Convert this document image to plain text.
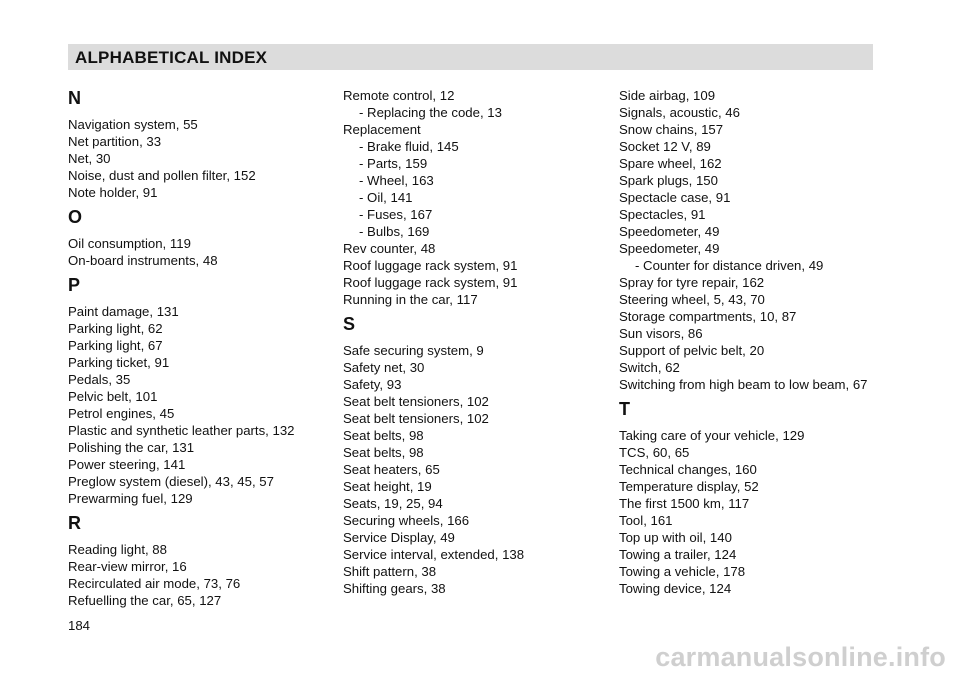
ALPHABETICAL INDEX
N
Navigation system, 55
Net partition, 33
Net, 30
Noise, dust and pollen filter, 152
Note holder, 91
O
Oil consumption, 119
On-board instruments, 48
P
Paint damage, 131
Parking light, 62
Parking light, 67
Parking ticket, 91
Pedals, 35
Pelvic belt, 101
Petrol engines, 45
Plastic and synthetic leather parts, 132
Polishing the car, 131
Power steering, 141
Preglow system (diesel), 43, 45, 57
Prewarming fuel, 129
R
Reading light, 88
Rear-view mirror, 16
Recirculated air mode, 73, 76
Refuelling the car, 65, 127
Remote control, 12
- Replacing the code, 13
Replacement
- Brake fluid, 145
- Parts, 159
- Wheel, 163
- Oil, 141
- Fuses, 167
- Bulbs, 169
Rev counter, 48
Roof luggage rack system, 91
Roof luggage rack system, 91
Running in the car, 117
S
Safe securing system, 9
Safety net, 30
Safety, 93
Seat belt tensioners, 102
Seat belt tensioners, 102
Seat belts, 98
Seat belts, 98
Seat heaters, 65
Seat height, 19
Seats, 19, 25, 94
Securing wheels, 166
Service Display, 49
Service interval, extended, 138
Shift pattern, 38
Shifting gears, 38
Side airbag, 109
Signals, acoustic, 46
Snow chains, 157
Socket 12 V, 89
Spare wheel, 162
Spark plugs, 150
Spectacle case, 91
Spectacles, 91
Speedometer, 49
Speedometer, 49
- Counter for distance driven, 49
Spray for tyre repair, 162
Steering wheel, 5, 43, 70
Storage compartments, 10, 87
Sun visors, 86
Support of pelvic belt, 20
Switch, 62
Switching from high beam to low beam, 67
T
Taking care of your vehicle, 129
TCS, 60, 65
Technical changes, 160
Temperature display, 52
The first 1500 km, 117
Tool, 161
Top up with oil, 140
Towing a trailer, 124
Towing a vehicle, 178
Towing device, 124
184
carmanualsonline.info
